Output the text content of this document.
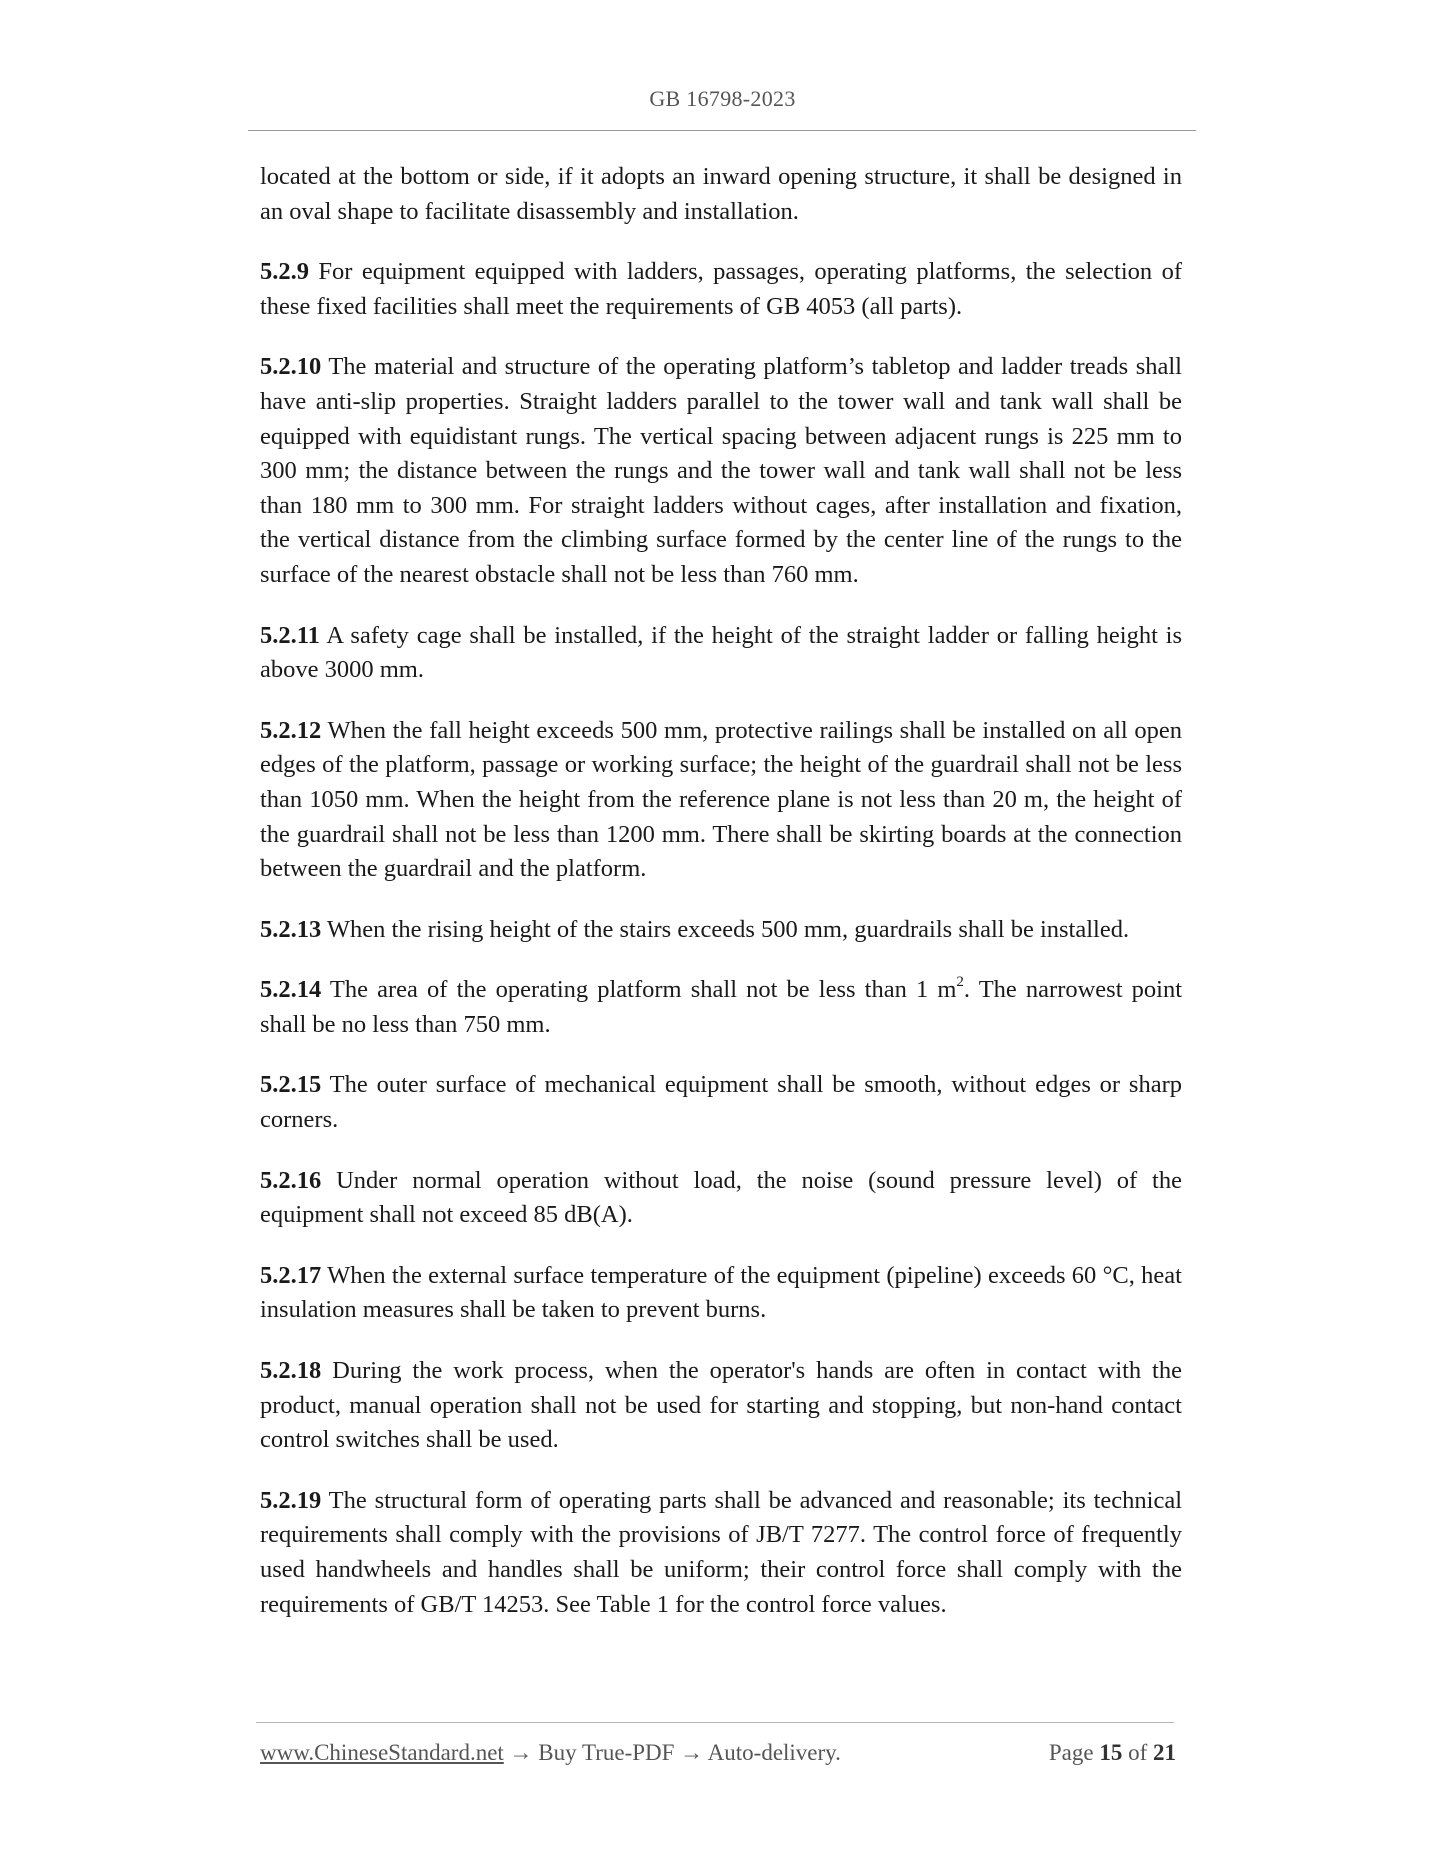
GB 16798-2023

located at the bottom or side, if it adopts an inward opening structure, it shall be designed in an oval shape to facilitate disassembly and installation.

5.2.9 For equipment equipped with ladders, passages, operating platforms, the selection of these fixed facilities shall meet the requirements of GB 4053 (all parts).

5.2.10 The material and structure of the operating platform’s tabletop and ladder treads shall have anti-slip properties. Straight ladders parallel to the tower wall and tank wall shall be equipped with equidistant rungs. The vertical spacing between adjacent rungs is 225 mm to 300 mm; the distance between the rungs and the tower wall and tank wall shall not be less than 180 mm to 300 mm. For straight ladders without cages, after installation and fixation, the vertical distance from the climbing surface formed by the center line of the rungs to the surface of the nearest obstacle shall not be less than 760 mm.

5.2.11 A safety cage shall be installed, if the height of the straight ladder or falling height is above 3000 mm.

5.2.12 When the fall height exceeds 500 mm, protective railings shall be installed on all open edges of the platform, passage or working surface; the height of the guardrail shall not be less than 1050 mm. When the height from the reference plane is not less than 20 m, the height of the guardrail shall not be less than 1200 mm. There shall be skirting boards at the connection between the guardrail and the platform.

5.2.13 When the rising height of the stairs exceeds 500 mm, guardrails shall be installed.

5.2.14 The area of the operating platform shall not be less than 1 $m^2$. The narrowest point shall be no less than 750 mm.

5.2.15 The outer surface of mechanical equipment shall be smooth, without edges or sharp corners.

5.2.16 Under normal operation without load, the noise (sound pressure level) of the equipment shall not exceed 85 dB(A).

5.2.17 When the external surface temperature of the equipment (pipeline) exceeds 60 °C, heat insulation measures shall be taken to prevent burns.

5.2.18 During the work process, when the operator's hands are often in contact with the product, manual operation shall not be used for starting and stopping, but non-hand contact control switches shall be used.

5.2.19 The structural form of operating parts shall be advanced and reasonable; its technical requirements shall comply with the provisions of JB/T 7277. The control force of frequently used handwheels and handles shall be uniform; their control force shall comply with the requirements of GB/T 14253. See Table 1 for the control force values.

www.ChineseStandard.net → Buy True-PDF → Auto-delivery.	Page 15 of 21
